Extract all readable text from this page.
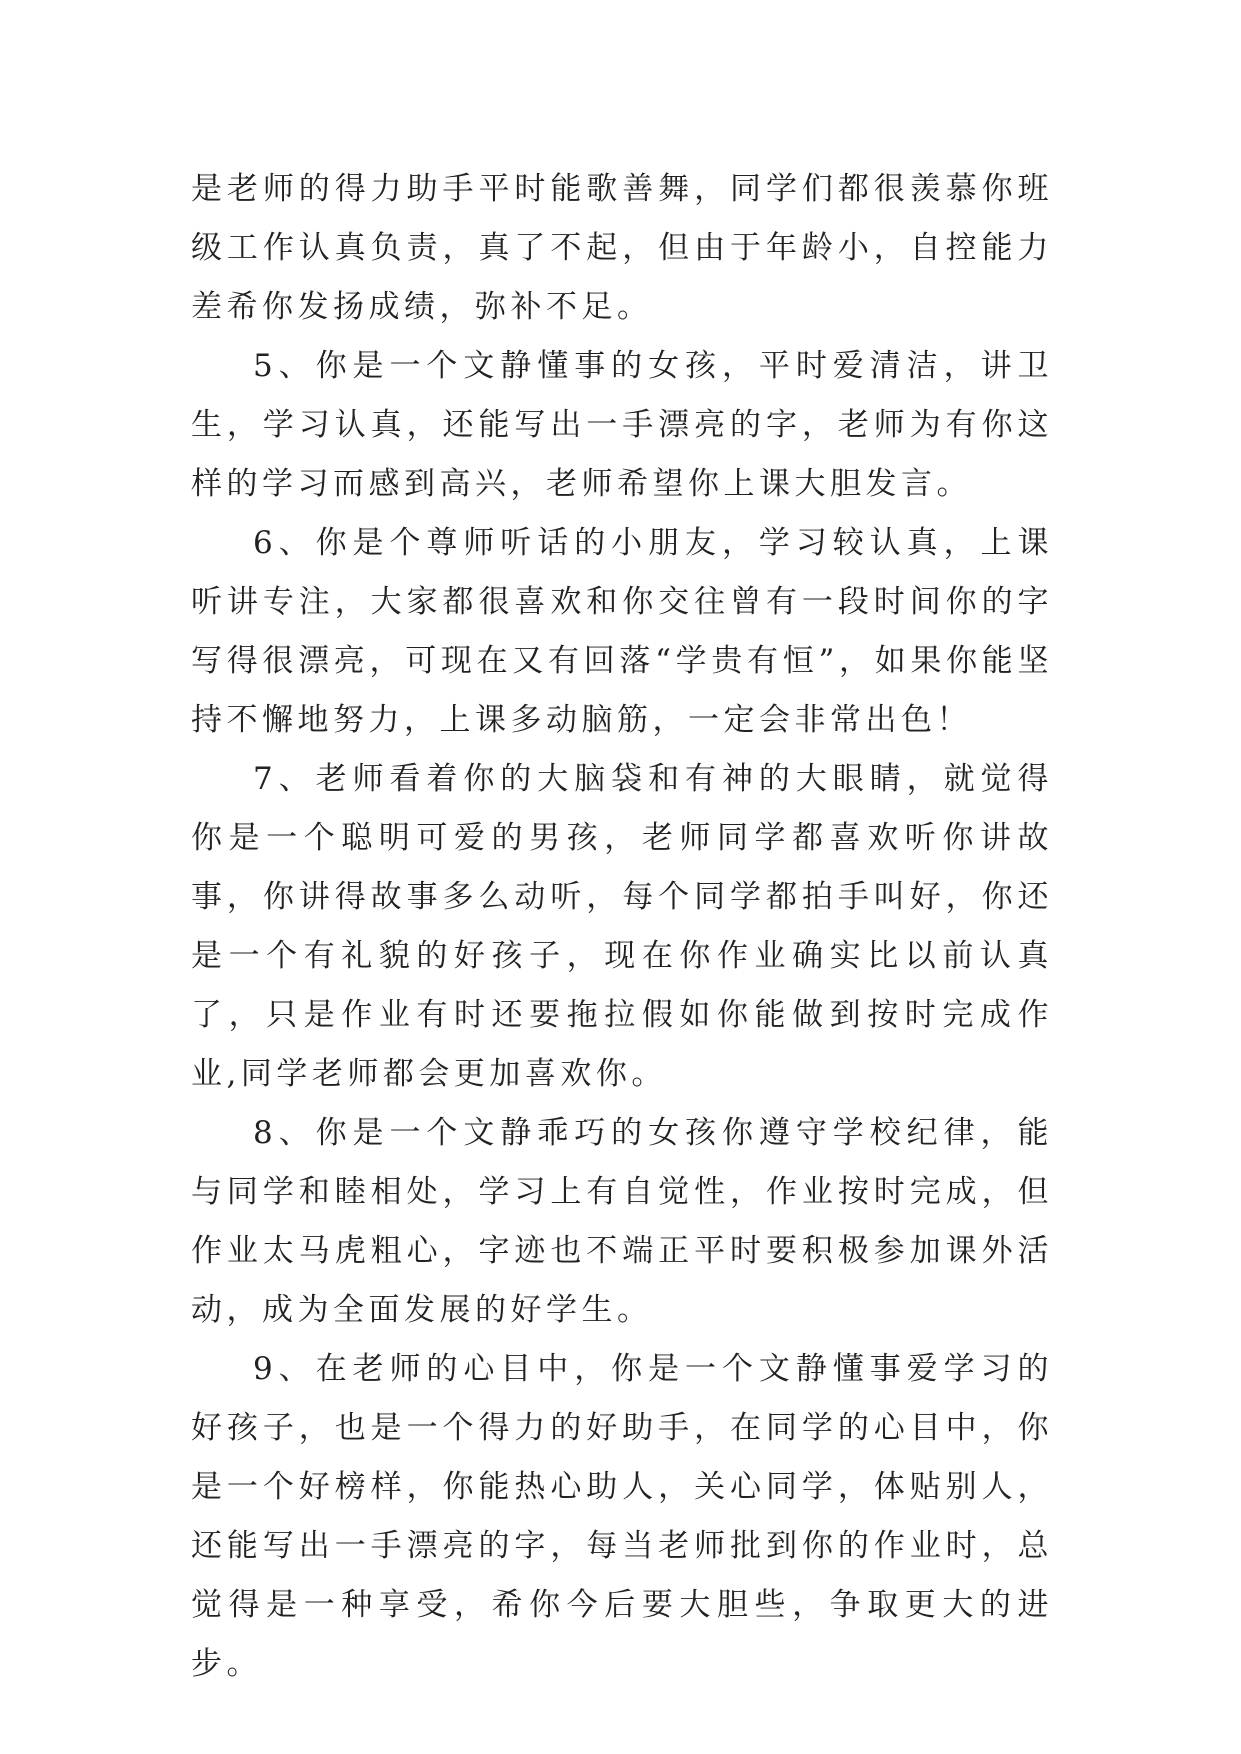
是老师的得力助手平时能歌善舞，同学们都很羡慕你班级工作认真负责，真了不起，但由于年龄小，自控能力差希你发扬成绩，弥补不足。

5、你是一个文静懂事的女孩，平时爱清洁，讲卫生，学习认真，还能写出一手漂亮的字，老师为有你这样的学习而感到高兴，老师希望你上课大胆发言。

6、你是个尊师听话的小朋友，学习较认真，上课听讲专注，大家都很喜欢和你交往曾有一段时间你的字写得很漂亮，可现在又有回落“学贵有恒”，如果你能坚持不懈地努力，上课多动脑筋，一定会非常出色！

7、老师看着你的大脑袋和有神的大眼睛，就觉得你是一个聪明可爱的男孩，老师同学都喜欢听你讲故事，你讲得故事多么动听，每个同学都拍手叫好，你还是一个有礼貌的好孩子，现在你作业确实比以前认真了，只是作业有时还要拖拉假如你能做到按时完成作业,同学老师都会更加喜欢你。

8、你是一个文静乖巧的女孩你遵守学校纪律，能与同学和睦相处，学习上有自觉性，作业按时完成，但作业太马虎粗心，字迹也不端正平时要积极参加课外活动，成为全面发展的好学生。

9、在老师的心目中，你是一个文静懂事爱学习的好孩子，也是一个得力的好助手，在同学的心目中，你是一个好榜样，你能热心助人，关心同学，体贴别人，还能写出一手漂亮的字，每当老师批到你的作业时，总觉得是一种享受，希你今后要大胆些，争取更大的进步。
